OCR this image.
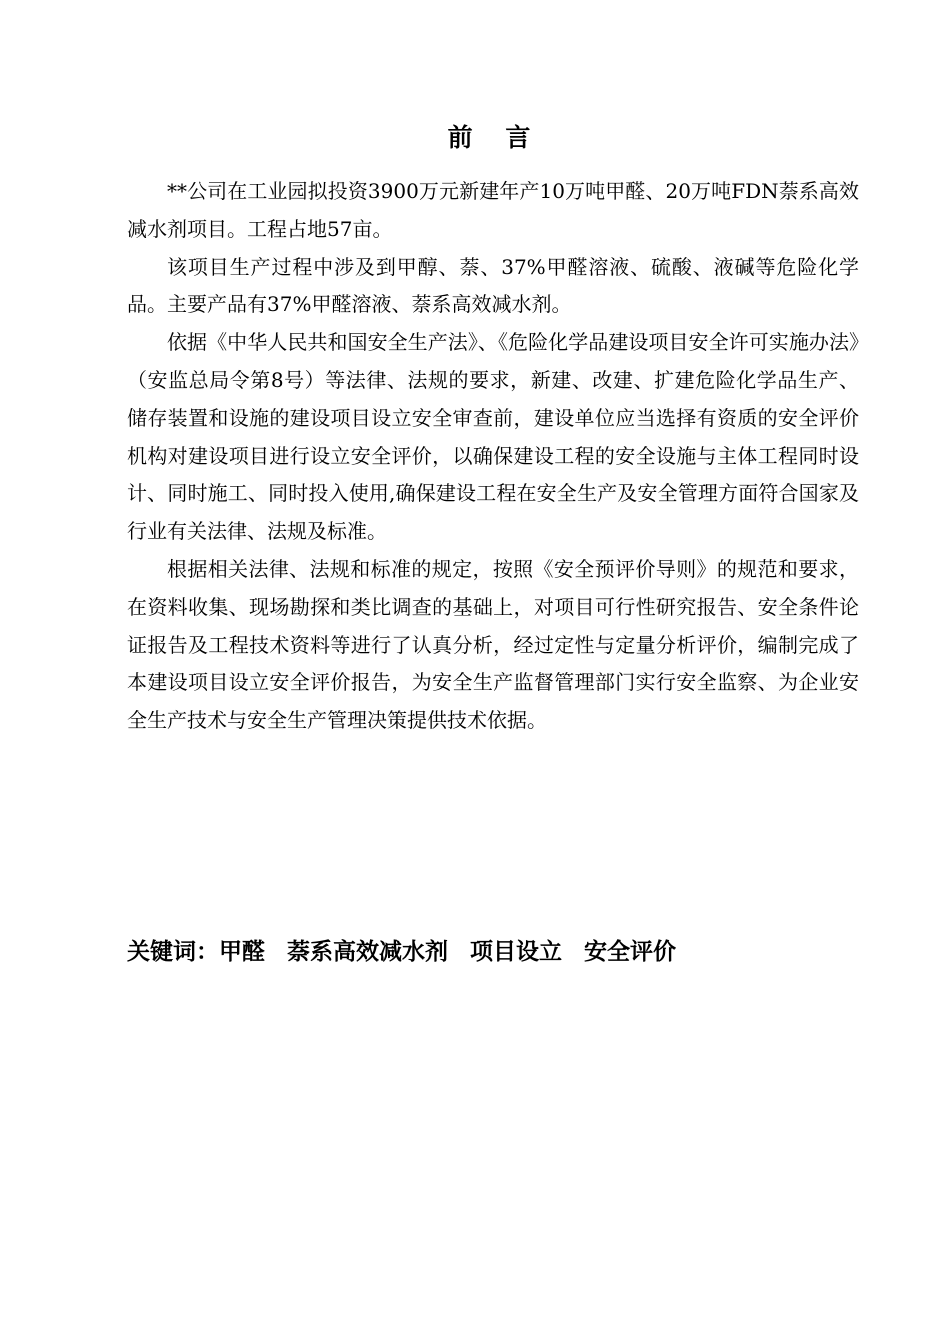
前 言

**公司在工业园拟投资3900万元新建年产10万吨甲醛、20万吨FDN萘系高效减水剂项目。工程占地57亩。

该项目生产过程中涉及到甲醇、萘、37%甲醛溶液、硫酸、液碱等危险化学品。主要产品有37%甲醛溶液、萘系高效减水剂。

依据《中华人民共和国安全生产法》、《危险化学品建设项目安全许可实施办法》（安监总局令第8号）等法律、法规的要求，新建、改建、扩建危险化学品生产、储存装置和设施的建设项目设立安全审查前，建设单位应当选择有资质的安全评价机构对建设项目进行设立安全评价，以确保建设工程的安全设施与主体工程同时设计、同时施工、同时投入使用,确保建设工程在安全生产及安全管理方面符合国家及行业有关法律、法规及标准。

根据相关法律、法规和标准的规定，按照《安全预评价导则》的规范和要求，在资料收集、现场勘探和类比调查的基础上，对项目可行性研究报告、安全条件论证报告及工程技术资料等进行了认真分析，经过定性与定量分析评价，编制完成了本建设项目设立安全评价报告，为安全生产监督管理部门实行安全监察、为企业安全生产技术与安全生产管理决策提供技术依据。

关键词：甲醛 萘系高效减水剂 项目设立 安全评价
